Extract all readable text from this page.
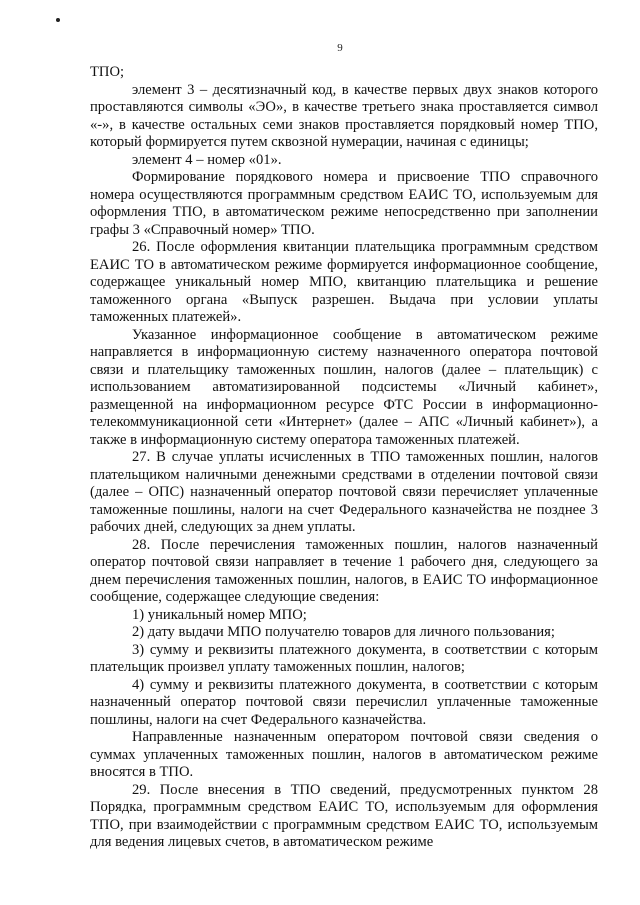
9

ТПО;

элемент 3 – десятизначный код, в качестве первых двух знаков которого проставляются символы «ЭО», в качестве третьего знака проставляется символ «-», в качестве остальных семи знаков проставляется порядковый номер ТПО, который формируется путем сквозной нумерации, начиная с единицы;

элемент 4 – номер «01».

Формирование порядкового номера и присвоение ТПО справочного номера осуществляются программным средством ЕАИС ТО, используемым для оформления ТПО, в автоматическом режиме непосредственно при заполнении графы 3 «Справочный номер» ТПО.

26. После оформления квитанции плательщика программным средством ЕАИС ТО в автоматическом режиме формируется информационное сообщение, содержащее уникальный номер МПО, квитанцию плательщика и решение таможенного органа «Выпуск разрешен. Выдача при условии уплаты таможенных платежей».

Указанное информационное сообщение в автоматическом режиме направляется в информационную систему назначенного оператора почтовой связи и плательщику таможенных пошлин, налогов (далее – плательщик) с использованием автоматизированной подсистемы «Личный кабинет», размещенной на информационном ресурсе ФТС России в информационно-телекоммуникационной сети «Интернет» (далее – АПС «Личный кабинет»), а также в информационную систему оператора таможенных платежей.

27. В случае уплаты исчисленных в ТПО таможенных пошлин, налогов плательщиком наличными денежными средствами в отделении почтовой связи (далее – ОПС) назначенный оператор почтовой связи перечисляет уплаченные таможенные пошлины, налоги на счет Федерального казначейства не позднее 3 рабочих дней, следующих за днем уплаты.

28. После перечисления таможенных пошлин, налогов назначенный оператор почтовой связи направляет в течение 1 рабочего дня, следующего за днем перечисления таможенных пошлин, налогов, в ЕАИС ТО информационное сообщение, содержащее следующие сведения:

1) уникальный номер МПО;

2) дату выдачи МПО получателю товаров для личного пользования;

3) сумму и реквизиты платежного документа, в соответствии с которым плательщик произвел уплату таможенных пошлин, налогов;

4) сумму и реквизиты платежного документа, в соответствии с которым назначенный оператор почтовой связи перечислил уплаченные таможенные пошлины, налоги на счет Федерального казначейства.

Направленные назначенным оператором почтовой связи сведения о суммах уплаченных таможенных пошлин, налогов в автоматическом режиме вносятся в ТПО.

29. После внесения в ТПО сведений, предусмотренных пунктом 28 Порядка, программным средством ЕАИС ТО, используемым для оформления ТПО, при взаимодействии с программным средством ЕАИС ТО, используемым для ведения лицевых счетов, в автоматическом режиме
